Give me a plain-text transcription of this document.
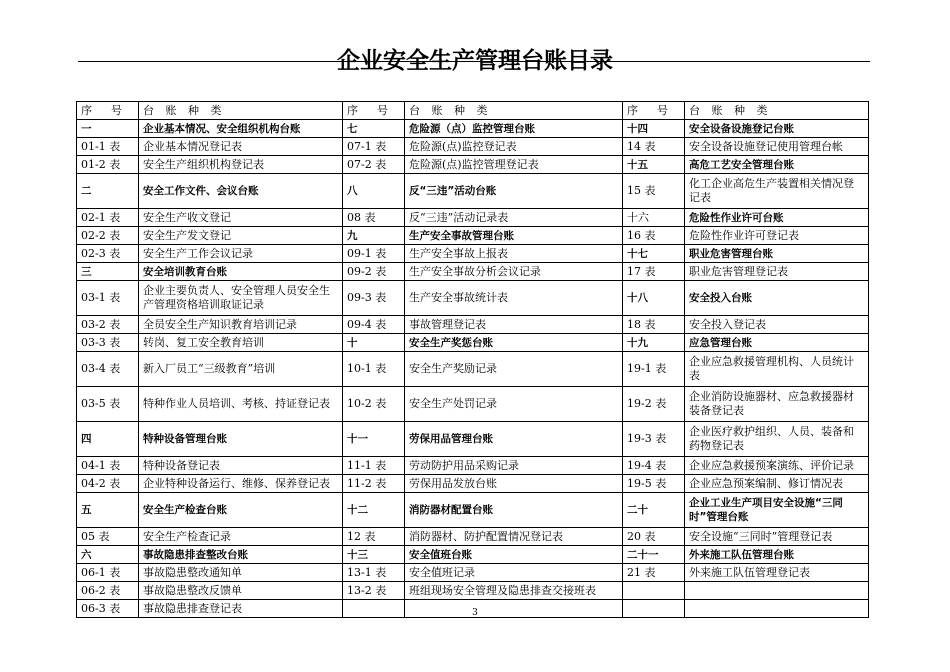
企业安全生产管理台账目录
序　号	台 账 种 类	序　号	台 账 种 类	序　号	台 账 种 类
一	企业基本情况、安全组织机构台账	七	危险源（点）监控管理台账	十四	安全设备设施登记台账
01-1 表	企业基本情况登记表	07-1 表	危险源(点)监控登记表	14 表	安全设备设施登记使用管理台帐
01-2 表	安全生产组织机构登记表	07-2 表	危险源(点)监控管理登记表	十五	高危工艺安全管理台账
二	安全工作文件、会议台账	八	反“三违”活动台账	15 表	化工企业高危生产装置相关情况登记表
02-1 表	安全生产收文登记	08 表	反“三违”活动记录表	十六	危险性作业许可台账
02-2 表	安全生产发文登记	九	生产安全事故管理台账	16 表	危险性作业许可登记表
02-3 表	安全生产工作会议记录	09-1 表	生产安全事故上报表	十七	职业危害管理台账
三	安全培训教育台账	09-2 表	生产安全事故分析会议记录	17 表	职业危害管理登记表
03-1 表	企业主要负责人、安全管理人员安全生产管理资格培训取证记录	09-3 表	生产安全事故统计表	十八	安全投入台账
03-2 表	全员安全生产知识教育培训记录	09-4 表	事故管理登记表	18 表	安全投入登记表
03-3 表	转岗、复工安全教育培训	十	安全生产奖惩台账	十九	应急管理台账
03-4 表	新入厂员工“三级教育”培训	10-1 表	安全生产奖励记录	19-1 表	企业应急救援管理机构、人员统计表
03-5 表	特种作业人员培训、考核、持证登记表	10-2 表	安全生产处罚记录	19-2 表	企业消防设施器材、应急救援器材装备登记表
四	特种设备管理台账	十一	劳保用品管理台账	19-3 表	企业医疗救护组织、人员、装备和药物登记表
04-1 表	特种设备登记表	11-1 表	劳动防护用品采购记录	19-4 表	企业应急救援预案演练、评价记录
04-2 表	企业特种设备运行、维修、保养登记表	11-2 表	劳保用品发放台账	19-5 表	企业应急预案编制、修订情况表
五	安全生产检查台账	十二	消防器材配置台账	二十	企业工业生产项目安全设施“三同时”管理台账
05 表	安全生产检查记录	12 表	消防器材、防护配置情况登记表	20 表	安全设施“三同时”管理登记表
六	事故隐患排查整改台账	十三	安全值班台账	二十一	外来施工队伍管理台账
06-1 表	事故隐患整改通知单	13-1 表	安全值班记录	21 表	外来施工队伍管理登记表
06-2 表	事故隐患整改反馈单	13-2 表	班组现场安全管理及隐患排查交接班表		
06-3 表	事故隐患排查登记表					3
